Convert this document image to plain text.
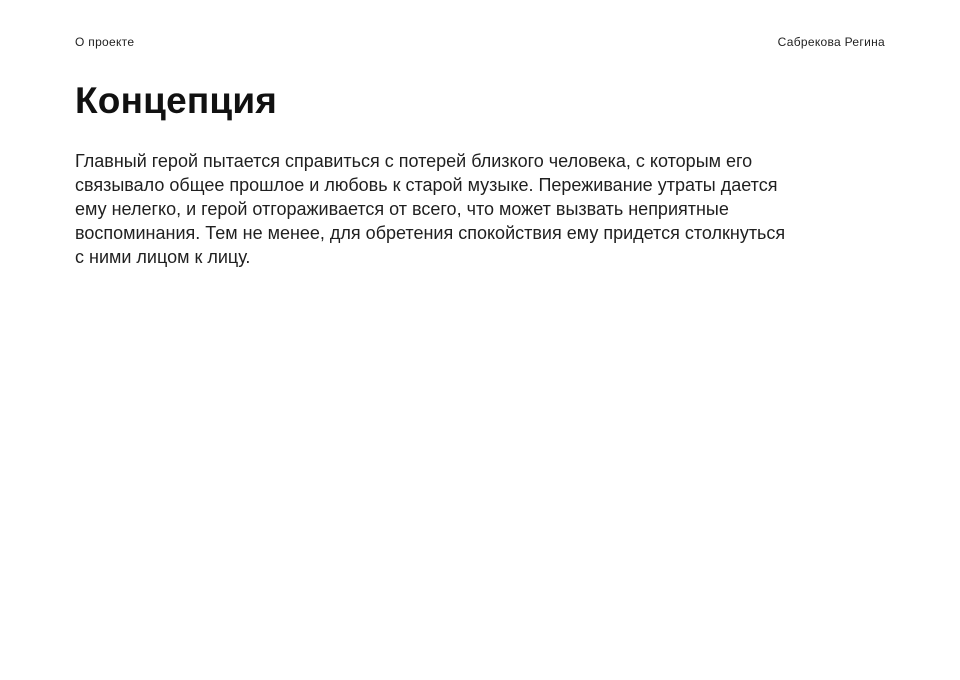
О проекте	Сабрекова Регина
Концепция
Главный герой пытается справиться с потерей близкого человека, с которым его
связывало общее прошлое и любовь к старой музыке. Переживание утраты дается
ему нелегко, и герой отгораживается от всего, что может вызвать неприятные
воспоминания. Тем не менее, для обретения спокойствия ему придется столкнуться
с ними лицом к лицу.
